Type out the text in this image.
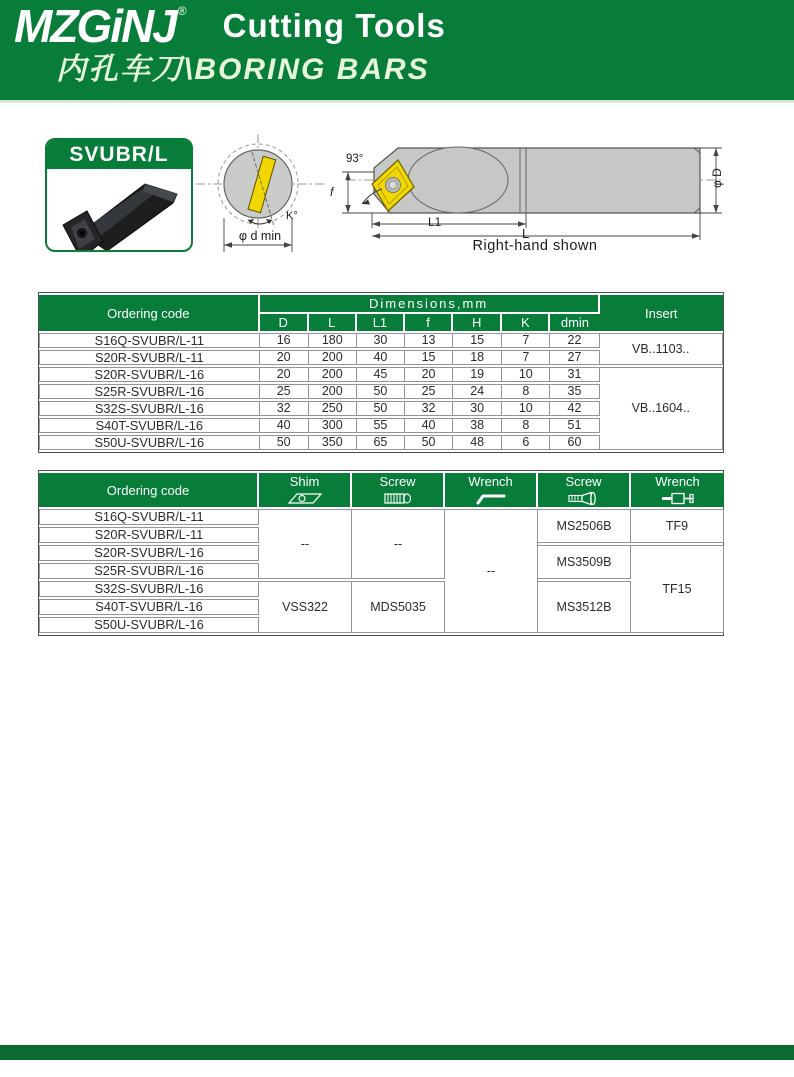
MZGiNJ ® Cutting Tools
内孔车刀\BORING BARS
SVUBR/L	93°
f
L1
L
φ D
K°
φ d min
Right-hand shown
Ordering code	Dimensions,mm							Insert
	D	L	L1	f	H	K	dmin	
S16Q-SVUBR/L-11	16	180	30	13	15	7	22	VB..1103..
S20R-SVUBR/L-11	20	200	40	15	18	7	27	
S20R-SVUBR/L-16	20	200	45	20	19	10	31	VB..1604..
S25R-SVUBR/L-16	25	200	50	25	24	8	35	
S32S-SVUBR/L-16	32	250	50	32	30	10	42	
S40T-SVUBR/L-16	40	300	55	40	38	8	51	
S50U-SVUBR/L-16	50	350	65	50	48	6	60	
Ordering code	Shim	Screw	Wrench	Screw	Wrench

S16Q-SVUBR/L-11	--	--	--	MS2506B	TF9
S20R-SVUBR/L-11					
S20R-SVUBR/L-16				MS3509B	TF15
S25R-SVUBR/L-16					
S32S-SVUBR/L-16	VSS322	MDS5035		MS3512B	
S40T-SVUBR/L-16					
S50U-SVUBR/L-16					
